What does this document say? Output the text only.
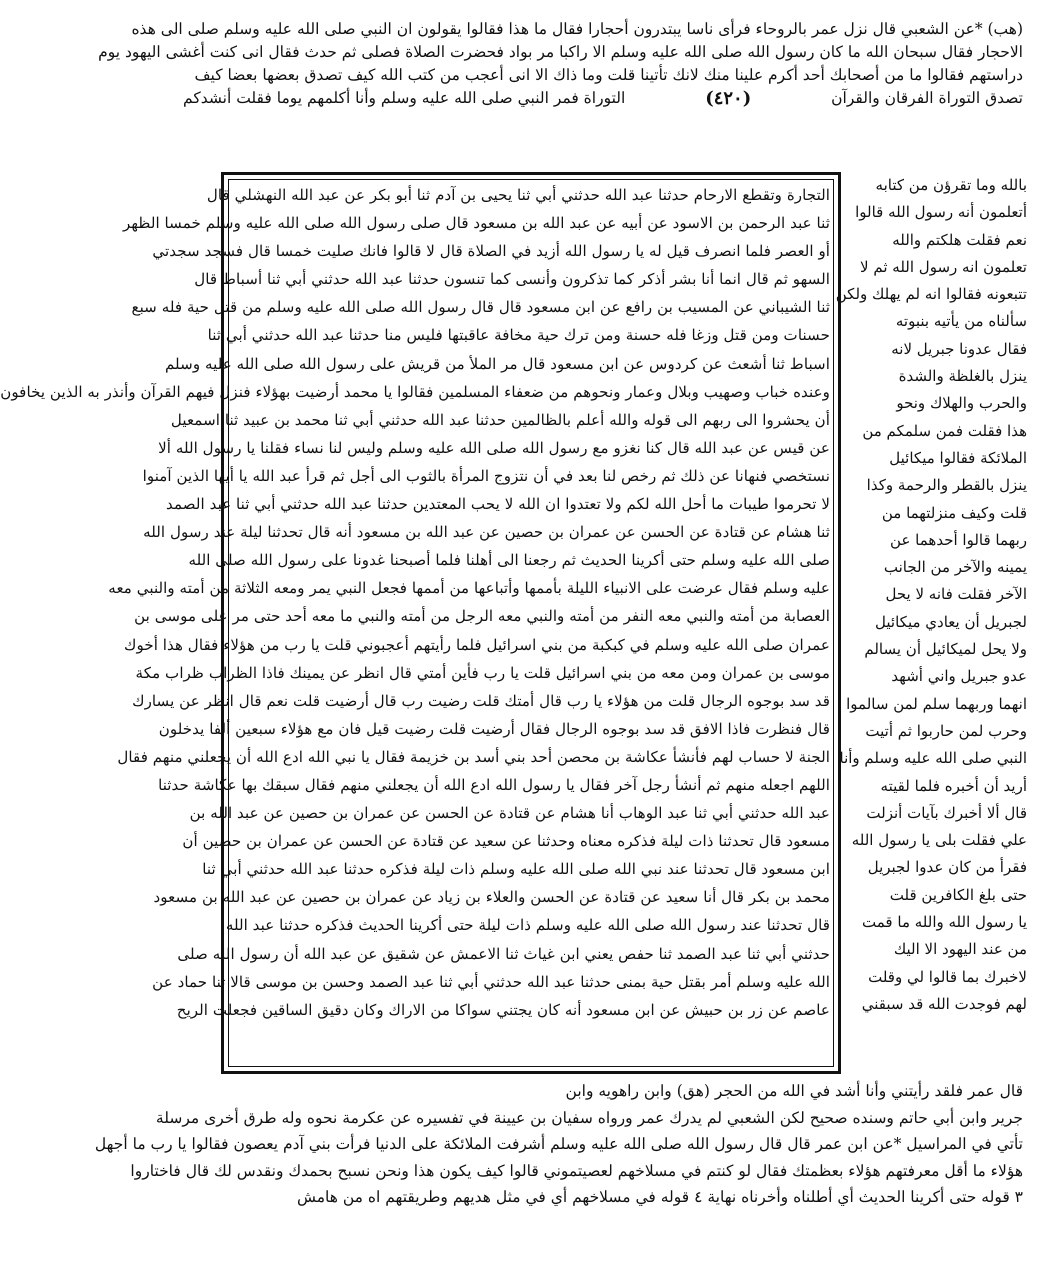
(هب) *عن الشعبي قال نزل عمر بالروحاء فرأى ناسا يبتدرون أحجارا فقال ما هذا فقالوا يقولون ان النبي صلى الله عليه وسلم صلى الى هذه
الاحجار فقال سبحان الله ما كان رسول الله صلى الله عليه وسلم الا راكبا مر بواد فحضرت الصلاة فصلى ثم حدث فقال انى كنت أغشى اليهود يوم
دراستهم فقالوا ما من أصحابك أحد أكرم علينا منك لانك تأتينا قلت وما ذاك الا انى أعجب من كتب الله كيف تصدق بعضها بعضا كيف
تصدق التوراة الفرقان والقرآن
(٤٢٠)
التوراة فمر النبي صلى الله عليه وسلم وأنا أكلمهم يوما فقلت أنشدكم
التجارة وتقطع الارحام حدثنا عبد الله حدثني أبي ثنا يحيى بن آدم ثنا أبو بكر عن عبد الله النهشلي قال
ثنا عبد الرحمن بن الاسود عن أبيه عن عبد الله بن مسعود قال صلى رسول الله صلى الله عليه وسلم خمسا الظهر
أو العصر فلما انصرف قيل له يا رسول الله أزيد في الصلاة قال لا قالوا فانك صليت خمسا قال فسجد سجدتي
السهو ثم قال انما أنا بشر أذكر كما تذكرون وأنسى كما تنسون حدثنا عبد الله حدثني أبي ثنا أسباط قال
ثنا الشيباني عن المسيب بن رافع عن ابن مسعود قال قال رسول الله صلى الله عليه وسلم من قتل حية فله سبع
حسنات ومن قتل وزغا فله حسنة ومن ترك حية مخافة عاقبتها فليس منا حدثنا عبد الله حدثني أبي ثنا
اسباط ثنا أشعث عن كردوس عن ابن مسعود قال مر الملأ من قريش على رسول الله صلى الله عليه وسلم
وعنده خباب وصهيب وبلال وعمار ونحوهم من ضعفاء المسلمين فقالوا يا محمد أرضيت بهؤلاء فنزل فيهم القرآن وأنذر به الذين يخافون
أن يحشروا الى ربهم الى قوله والله أعلم بالظالمين حدثنا عبد الله حدثني أبي ثنا محمد بن عبيد ثنا اسمعيل
عن قيس عن عبد الله قال كنا نغزو مع رسول الله صلى الله عليه وسلم وليس لنا نساء فقلنا يا رسول الله ألا
نستخصي فنهانا عن ذلك ثم رخص لنا بعد في أن نتزوج المرأة بالثوب الى أجل ثم قرأ عبد الله يا أيها الذين آمنوا
لا تحرموا طيبات ما أحل الله لكم ولا تعتدوا ان الله لا يحب المعتدين حدثنا عبد الله حدثني أبي ثنا عبد الصمد
ثنا هشام عن قتادة عن الحسن عن عمران بن حصين عن عبد الله بن مسعود أنه قال تحدثنا ليلة عند رسول الله
صلى الله عليه وسلم حتى أكرينا الحديث ثم رجعنا الى أهلنا فلما أصبحنا غدونا على رسول الله صلى الله
عليه وسلم فقال عرضت على الانبياء الليلة بأممها وأتباعها من أممها فجعل النبي يمر ومعه الثلاثة من أمته والنبي معه
العصابة من أمته والنبي معه النفر من أمته والنبي معه الرجل من أمته والنبي ما معه أحد حتى مر على موسى بن
عمران صلى الله عليه وسلم في كبكبة من بني اسرائيل فلما رأيتهم أعجبوني قلت يا رب من هؤلاء فقال هذا أخوك
موسى بن عمران ومن معه من بني اسرائيل قلت يا رب فأين أمتي قال انظر عن يمينك فاذا الظراب ظراب مكة
قد سد بوجوه الرجال قلت من هؤلاء يا رب قال أمتك قلت رضيت رب قال أرضيت قلت نعم قال انظر عن يسارك
قال فنظرت فاذا الافق قد سد بوجوه الرجال فقال أرضيت قلت رضيت قيل فان مع هؤلاء سبعين ألفا يدخلون
الجنة لا حساب لهم فأنشأ عكاشة بن محصن أحد بني أسد بن خزيمة فقال يا نبي الله ادع الله أن يجعلني منهم فقال
اللهم اجعله منهم ثم أنشأ رجل آخر فقال يا رسول الله ادع الله أن يجعلني منهم فقال سبقك بها عكاشة حدثنا
عبد الله حدثني أبي ثنا عبد الوهاب أنا هشام عن قتادة عن الحسن عن عمران بن حصين عن عبد الله بن
مسعود قال تحدثنا ذات ليلة فذكره معناه وحدثنا عن سعيد عن قتادة عن الحسن عن عمران بن حصين أن
ابن مسعود قال تحدثنا عند نبي الله صلى الله عليه وسلم ذات ليلة فذكره حدثنا عبد الله حدثني أبي ثنا
محمد بن بكر قال أنا سعيد عن قتادة عن الحسن والعلاء بن زياد عن عمران بن حصين عن عبد الله بن مسعود
قال تحدثنا عند رسول الله صلى الله عليه وسلم ذات ليلة حتى أكرينا الحديث فذكره حدثنا عبد الله
حدثني أبي ثنا عبد الصمد ثنا حفص يعني ابن غياث ثنا الاعمش عن شقيق عن عبد الله أن رسول الله صلى
الله عليه وسلم أمر بقتل حية بمنى حدثنا عبد الله حدثني أبي ثنا عبد الصمد وحسن بن موسى قالا ثنا حماد عن
عاصم عن زر بن حبيش عن ابن مسعود أنه كان يجتني سواكا من الاراك وكان دقيق الساقين فجعلت الريح
بالله وما تقرؤن من كتابه
أتعلمون أنه رسول الله قالوا
نعم فقلت هلكتم والله
تعلمون انه رسول الله ثم لا
تتبعونه فقالوا انه لم يهلك ولكن
سألناه من يأتيه بنبوته
فقال عدونا جبريل لانه
ينزل بالغلظة والشدة
والحرب والهلاك ونحو
هذا فقلت فمن سلمكم من
الملائكة فقالوا ميكائيل
ينزل بالقطر والرحمة وكذا
قلت وكيف منزلتهما من
ربهما قالوا أحدهما عن
يمينه والآخر من الجانب
الآخر فقلت فانه لا يحل
لجبريل أن يعادي ميكائيل
ولا يحل لميكائيل أن يسالم
عدو جبريل واني أشهد
انهما وربهما سلم لمن سالموا
وحرب لمن حاربوا ثم أتيت
النبي صلى الله عليه وسلم وأنا
أريد أن أخبره فلما لقيته
قال ألا أخبرك بآيات أنزلت
علي فقلت بلى يا رسول الله
فقرأ من كان عدوا لجبريل
حتى بلغ الكافرين قلت
يا رسول الله والله ما قمت
من عند اليهود الا اليك
لاخبرك بما قالوا لي وقلت
لهم فوجدت الله قد سبقني
قال عمر فلقد رأيتني وأنا أشد في الله من الحجر (هق) وابن راهويه وابن
جرير وابن أبي حاتم وسنده صحيح لكن الشعبي لم يدرك عمر ورواه سفيان بن عيينة في تفسيره عن عكرمة نحوه وله طرق أخرى مرسلة
تأتي في المراسيل *عن ابن عمر قال قال رسول الله صلى الله عليه وسلم أشرفت الملائكة على الدنيا فرأت بني آدم يعصون فقالوا يا رب ما أجهل
هؤلاء ما أقل معرفتهم هؤلاء بعظمتك فقال لو كنتم في مسلاخهم لعصيتموني قالوا كيف يكون هذا ونحن نسبح بحمدك ونقدس لك قال فاختاروا
٣ قوله حتى أكرينا الحديث أي أطلناه وأخرناه نهاية ٤ قوله في مسلاخهم أي في مثل هديهم وطريقتهم اه من هامش
